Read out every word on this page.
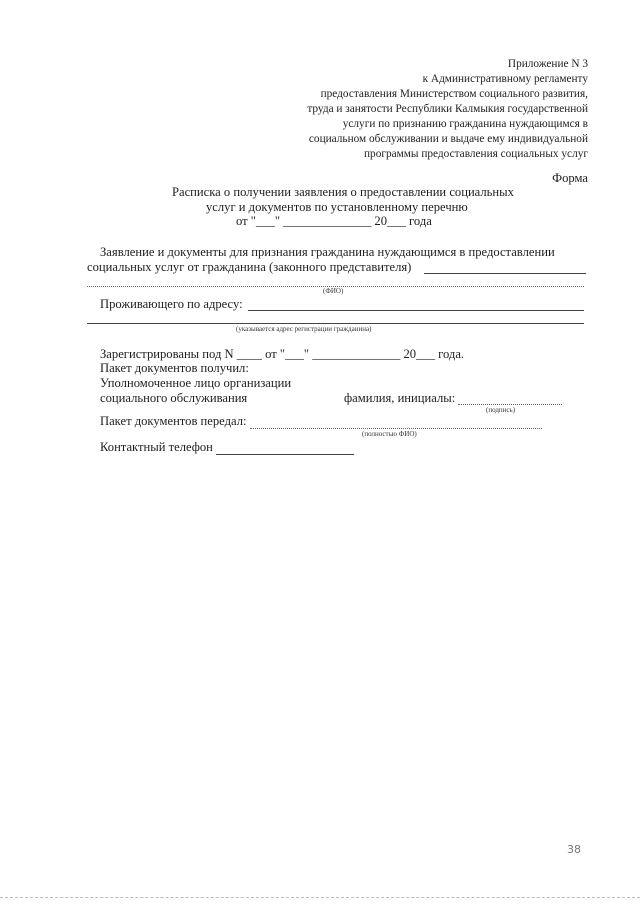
Приложение N 3
к Административному регламенту
предоставления Министерством социального развития,
труда и занятости Республики Калмыкия государственной
услуги по признанию гражданина нуждающимся в
социальном обслуживании и выдаче ему индивидуальной
программы предоставления социальных услуг
Форма
Расписка о получении заявления о предоставлении социальных
услуг и документов по установленному перечню
от "___" ______________ 20___ года
Заявление и документы для признания гражданина нуждающимся в предоставлении
социальных услуг от гражданина (законного представителя)
(ФИО)
Проживающего по адресу:
(указывается адрес регистрации гражданина)
Зарегистрированы под N ____ от "___" ______________ 20___ года.
Пакет документов получил:
Уполномоченное лицо организации
социального обслуживания	фамилия, инициалы:
(подпись)
Пакет документов передал:
(полностью ФИО)
Контактный телефон
38
